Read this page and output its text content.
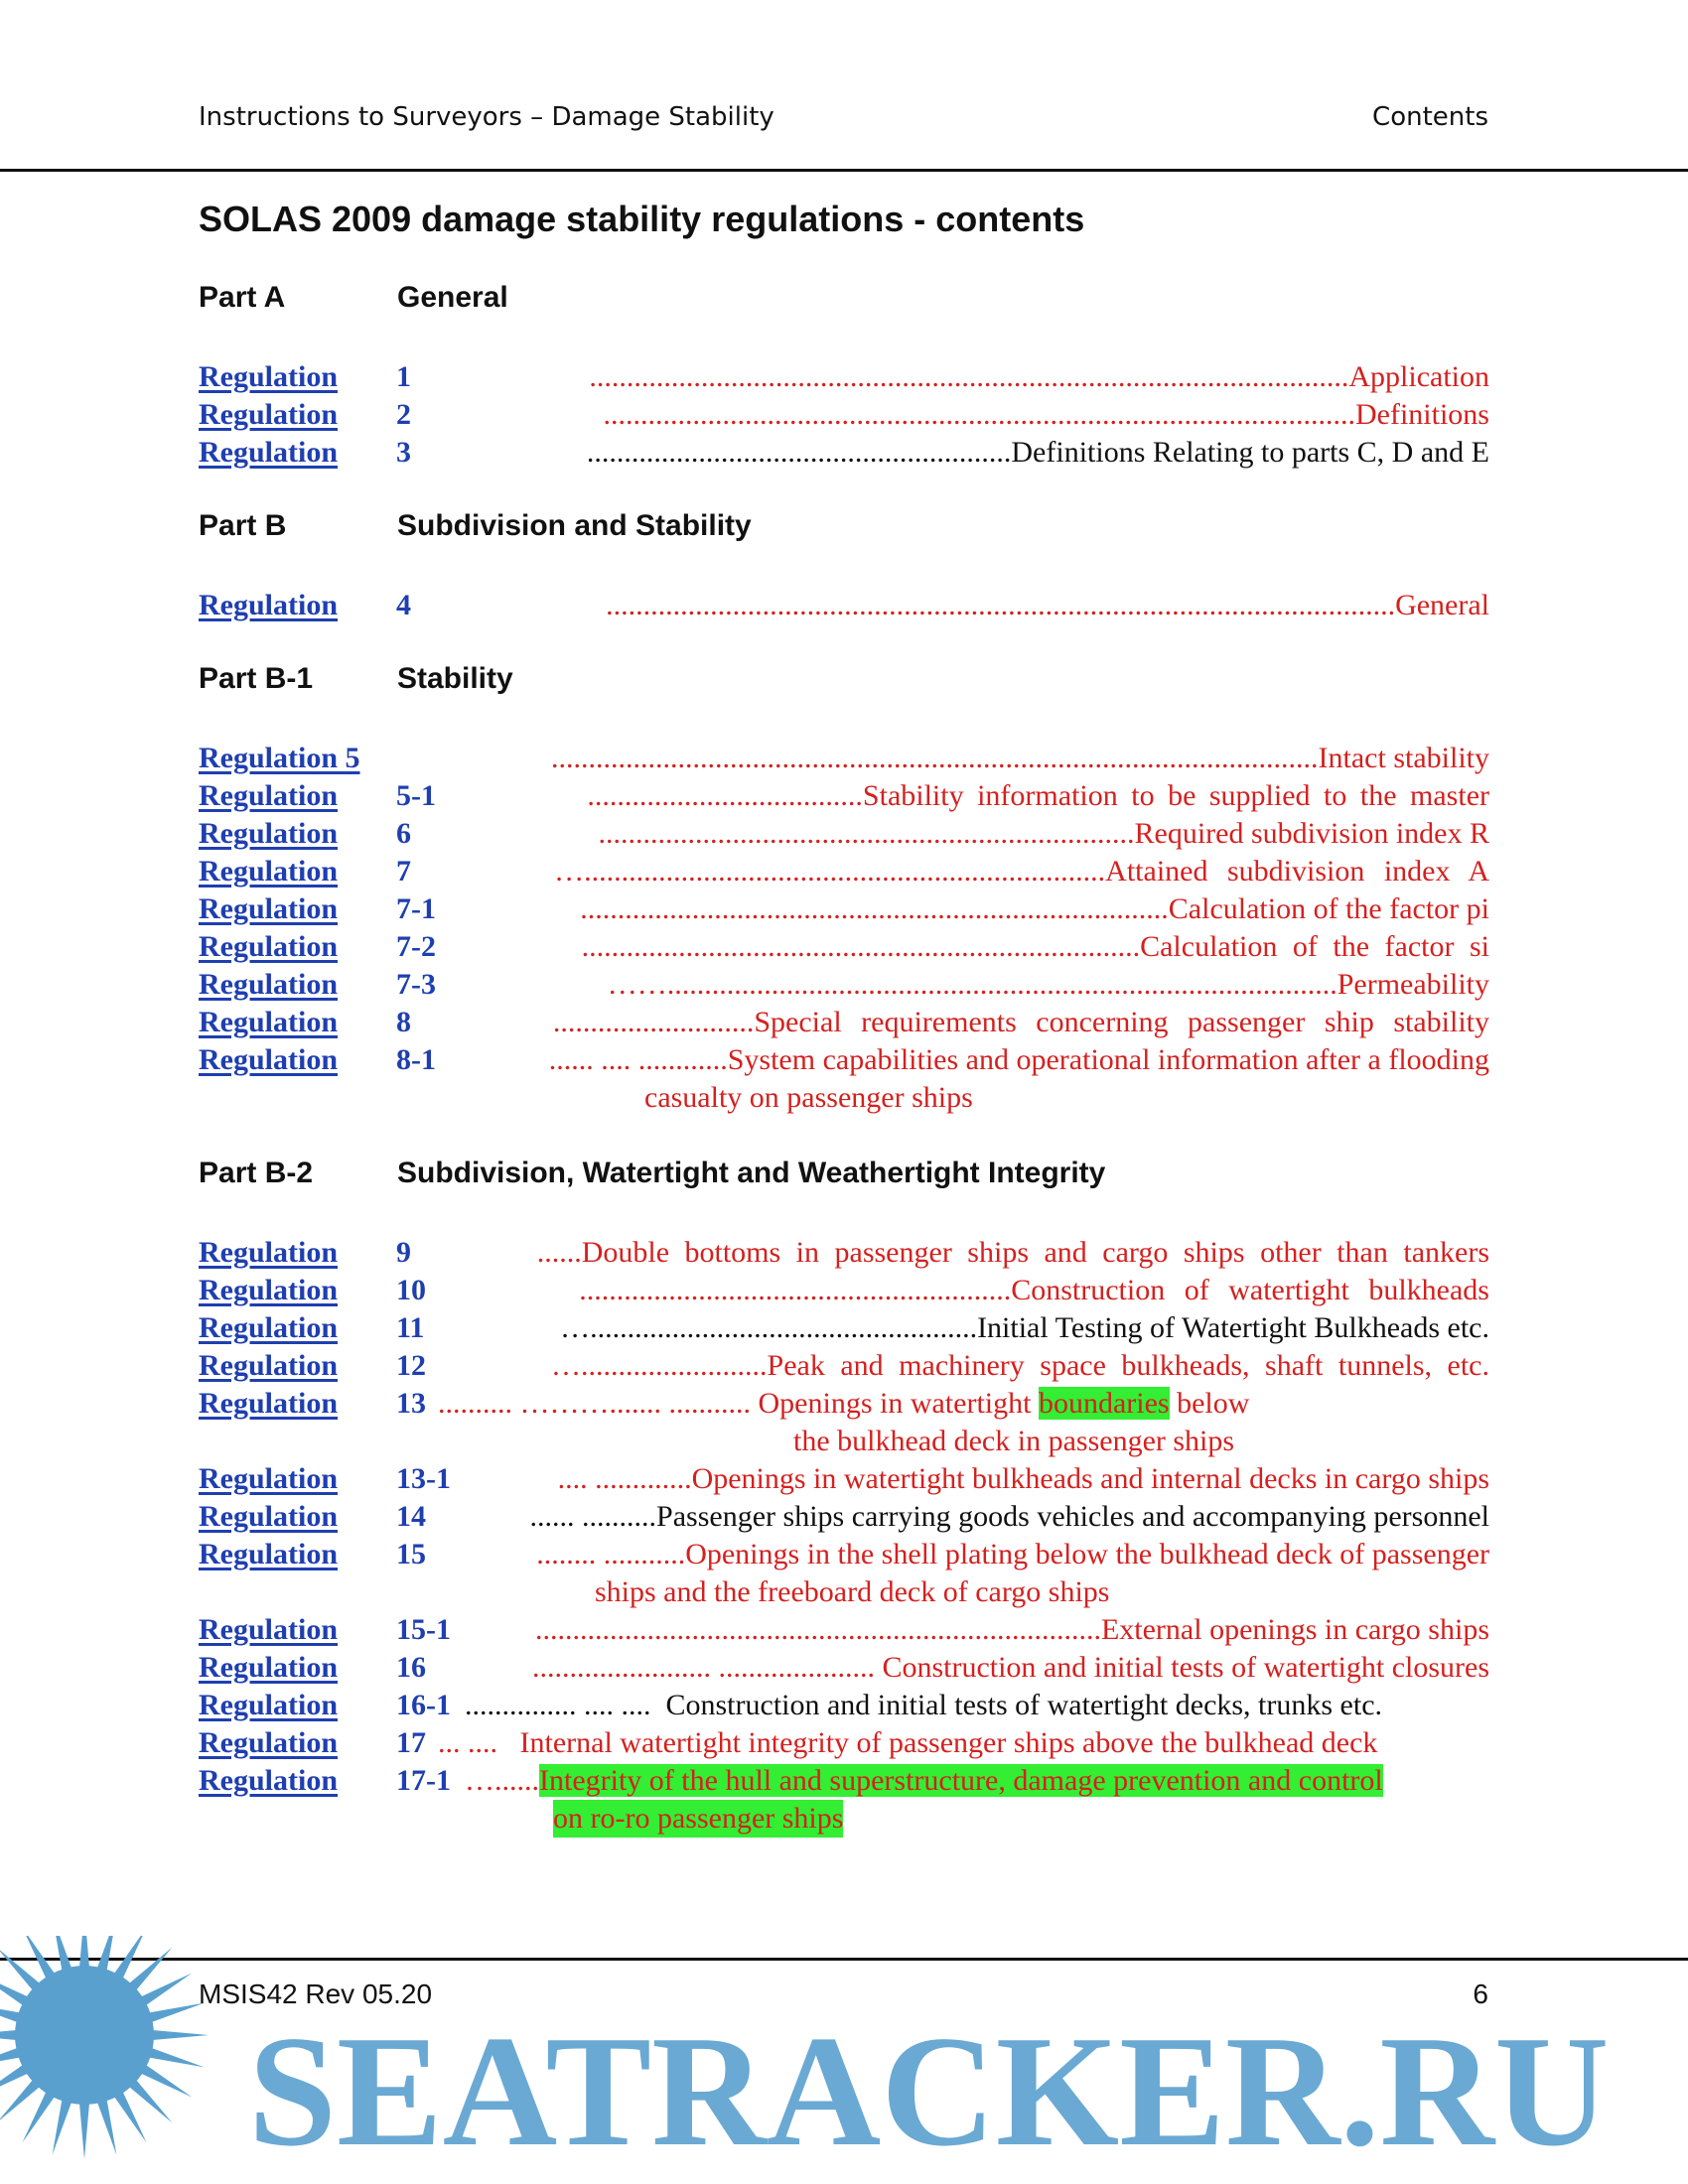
Instructions to Surveyors – Damage Stability	Contents
SOLAS 2009 damage stability regulations - contents
Part A	General
Regulation 1	......................................................................................................Application
Regulation 2	.....................................................................................................Definitions
Regulation 3	.........................................................Definitions Relating to parts C, D and E
Part B	Subdivision and Stability
Regulation 4	..........................................................................................................General
Part B-1	Stability
Regulation 5	.......................................................................................................Intact stability
Regulation 5-1	.....................................Stability information to be supplied to the master
Regulation 6	........................................................................Required subdivision index R
Regulation 7	…......................................................................Attained subdivision index A
Regulation 7-1	...............................................................................Calculation of the factor pi
Regulation 7-2	...........................................................................Calculation of the factor si
Regulation 7-3	……..........................................................................................Permeability
Regulation 8	...........................Special requirements concerning passenger ship stability
Regulation 8-1	...... .... ............System capabilities and operational information after a flooding
casualty on passenger ships
Part B-2	Subdivision, Watertight and Weathertight Integrity
Regulation 9	......Double bottoms in passenger ships and cargo ships other than tankers
Regulation 10	..........................................................Construction of watertight bulkheads
Regulation 11	…....................................................Initial Testing of Watertight Bulkheads etc.
Regulation 12	….........................Peak and machinery space bulkheads, shaft tunnels, etc.
Regulation 13 .......... ………....... ........... Openings in watertight boundaries below
the bulkhead deck in passenger ships
Regulation 13-1	.... .............Openings in watertight bulkheads and internal decks in cargo ships
Regulation 14	...... ..........Passenger ships carrying goods vehicles and accompanying personnel
Regulation 15	........ ...........Openings in the shell plating below the bulkhead deck of passenger
ships and the freeboard deck of cargo ships
Regulation 15-1	............................................................................External openings in cargo ships
Regulation 16	........................ ..................... Construction and initial tests of watertight closures
Regulation 16-1 ............... .... .... Construction and initial tests of watertight decks, trunks etc.
Regulation 17 ... .... Internal watertight integrity of passenger ships above the bulkhead deck
Regulation 17-1 …......Integrity of the hull and superstructure, damage prevention and control
on ro-ro passenger ships
SEATRACKER.RU
MSIS42 Rev 05.20	6
